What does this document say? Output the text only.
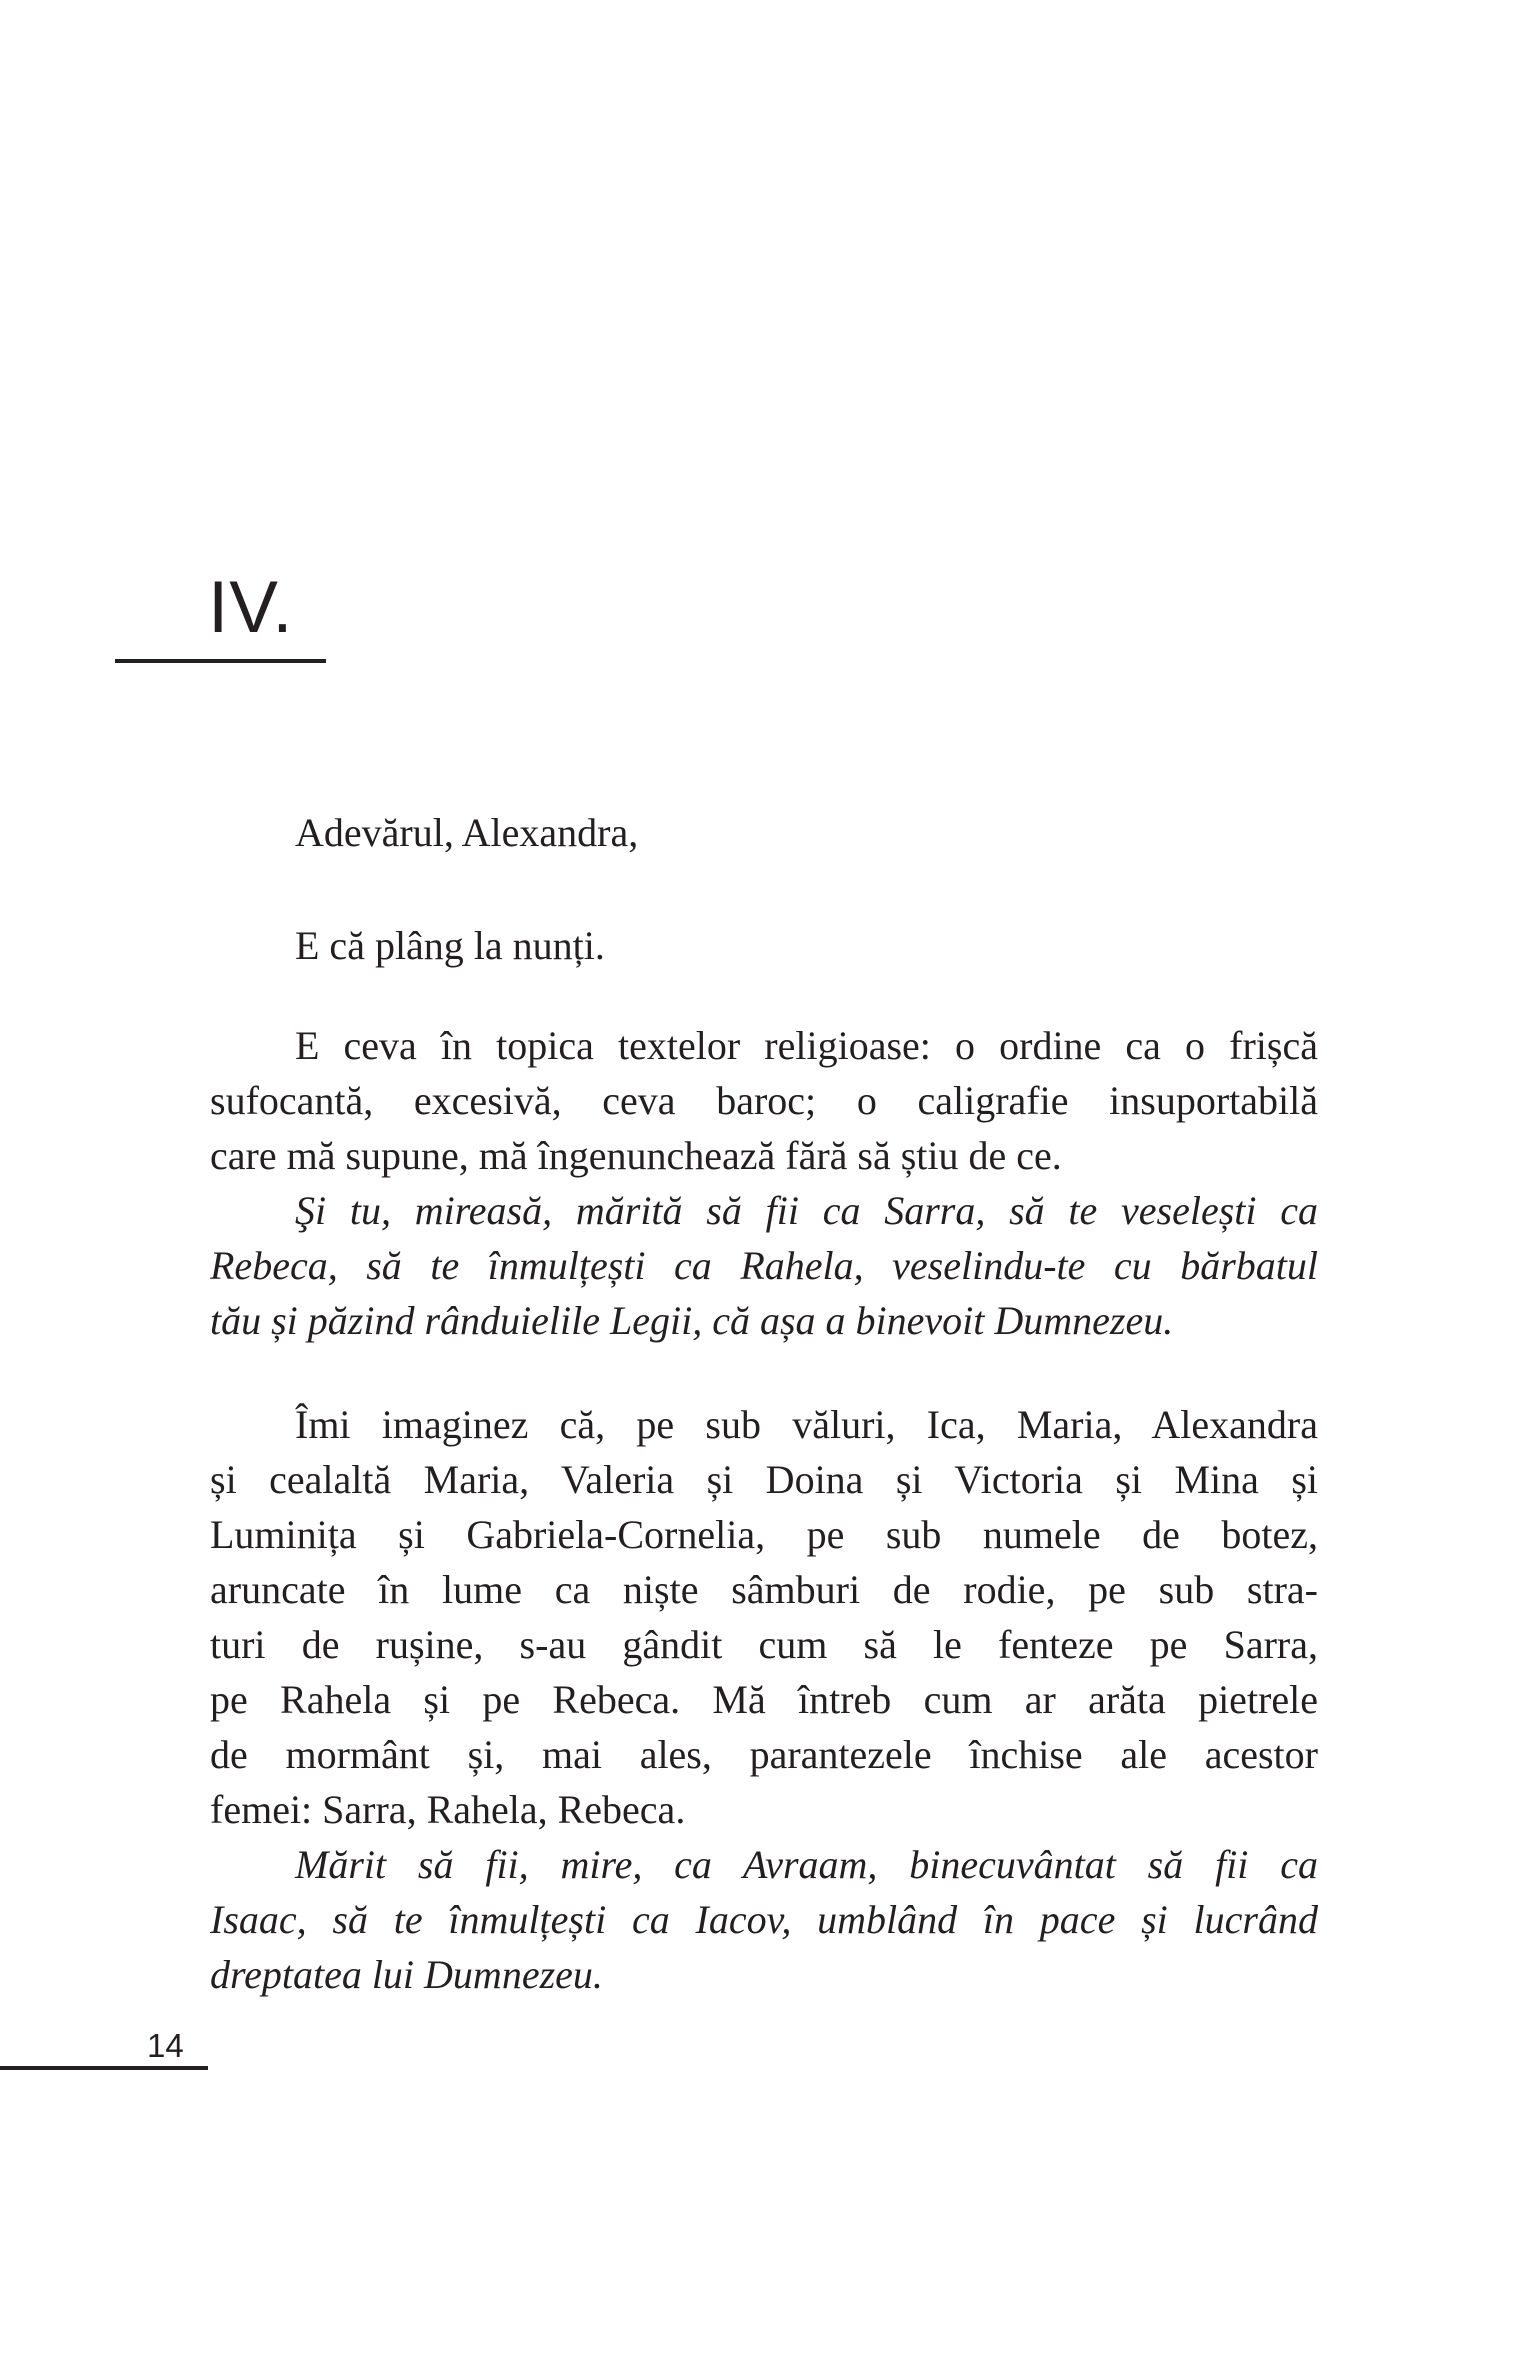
IV.
Adevărul, Alexandra,
E că plâng la nunți.
E ceva în topica textelor religioase: o ordine ca o frișcă
sufocantă, excesivă, ceva baroc; o caligrafie insuportabilă
care mă supune, mă îngenunchează fără să știu de ce.
Şi tu, mireasă, mărită să fii ca Sarra, să te veselești ca
Rebeca, să te înmulțești ca Rahela, veselindu-te cu bărbatul
tău și păzind rânduielile Legii, că așa a binevoit Dumnezeu.
Îmi imaginez că, pe sub văluri, Ica, Maria, Alexandra
și cealaltă Maria, Valeria și Doina și Victoria și Mina și
Luminița și Gabriela-Cornelia, pe sub numele de botez,
aruncate în lume ca niște sâmburi de rodie, pe sub stra-
turi de rușine, s-au gândit cum să le fenteze pe Sarra,
pe Rahela și pe Rebeca. Mă întreb cum ar arăta pietrele
de mormânt și, mai ales, parantezele închise ale acestor
femei: Sarra, Rahela, Rebeca.
Mărit să fii, mire, ca Avraam, binecuvântat să fii ca
Isaac, să te înmulțești ca Iacov, umblând în pace și lucrând
dreptatea lui Dumnezeu.
14
